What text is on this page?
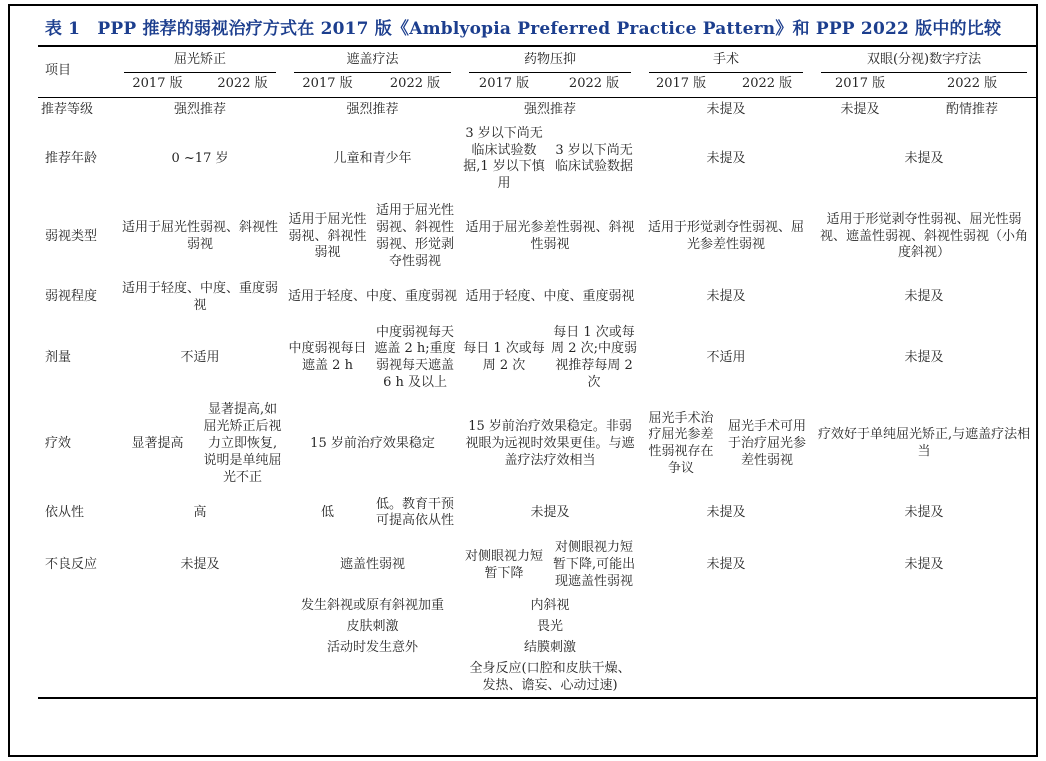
表 1　PPP 推荐的弱视治疗方式在 2017 版《Amblyopia Preferred Practice Pattern》和 PPP 2022 版中的比较
项目	屈光矫正		遮盖疗法		药物压抑		手术		双眼(分视)数字疗法	

	2017 版	2022 版	2017 版	2022 版	2017 版	2022 版	2017 版	2022 版	2017 版	2022 版
推荐等级	强烈推荐		强烈推荐		强烈推荐		未提及		未提及	酌情推荐
推荐年龄	0 ~17 岁		儿童和青少年		3 岁以下尚无临床试验数据,1 岁以下慎用	3 岁以下尚无临床试验数据	未提及		未提及	
弱视类型	适用于屈光性弱视、斜视性弱视		适用于屈光性弱视、斜视性弱视	适用于屈光性弱视、斜视性弱视、形觉剥夺性弱视	适用于屈光参差性弱视、斜视性弱视		适用于形觉剥夺性弱视、屈光参差性弱视		适用于形觉剥夺性弱视、屈光性弱视、遮盖性弱视、斜视性弱视（小角度斜视）	
弱视程度	适用于轻度、中度、重度弱视		适用于轻度、中度、重度弱视		适用于轻度、中度、重度弱视		未提及		未提及	
剂量	不适用		中度弱视每日遮盖 2 h	中度弱视每天遮盖 2 h;重度弱视每天遮盖 6 h 及以上	每日 1 次或每周 2 次	每日 1 次或每周 2 次;中度弱视推荐每周 2 次	不适用		未提及	
疗效	显著提高	显著提高,如屈光矫正后视力立即恢复,说明是单纯屈光不正	15 岁前治疗效果稳定		15 岁前治疗效果稳定。非弱视眼为远视时效果更佳。与遮盖疗法疗效相当		屈光手术治疗屈光参差性弱视存在争议	屈光手术可用于治疗屈光参差性弱视	疗效好于单纯屈光矫正,与遮盖疗法相当	
依从性	高		低	低。教育干预可提高依从性	未提及		未提及		未提及	
不良反应	未提及		遮盖性弱视		对侧眼视力短暂下降	对侧眼视力短暂下降,可能出现遮盖性弱视	未提及		未提及	
			发生斜视或原有斜视加重		内斜视					
			皮肤刺激		畏光					
			活动时发生意外		结膜刺激					
					全身反应(口腔和皮肤干燥、发热、谵妄、心动过速)					
